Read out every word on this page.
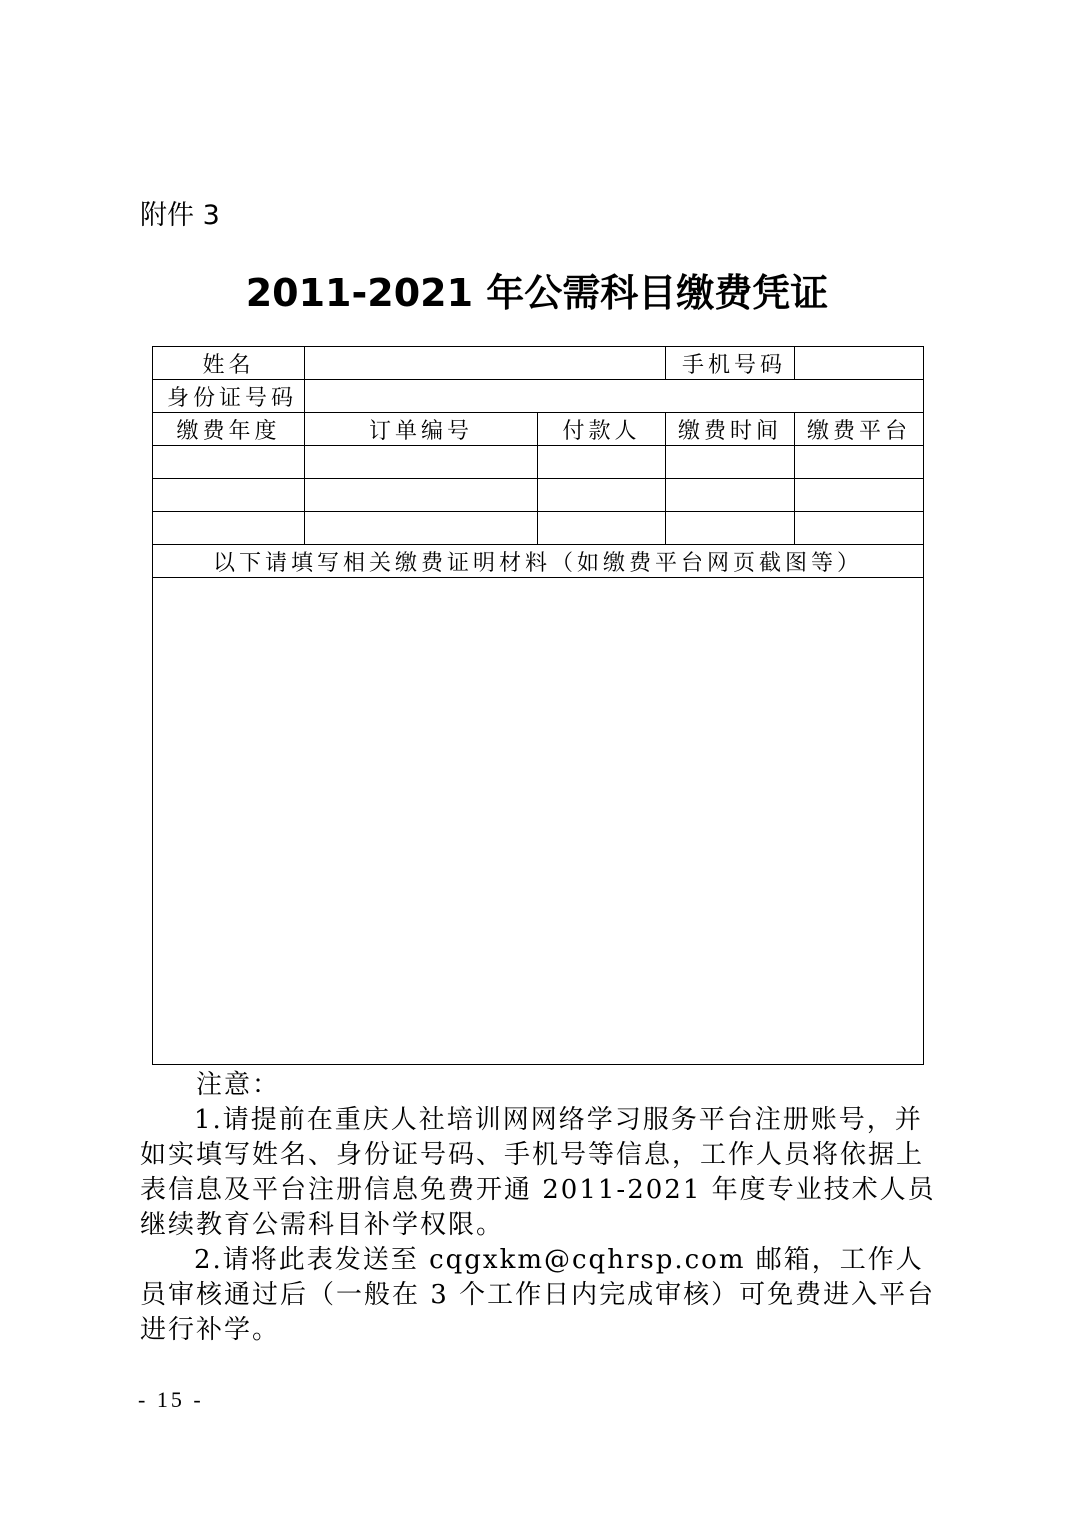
附件 3
2011-2021 年公需科目缴费凭证
姓名			手机号码	
身份证号码				
缴费年度	订单编号	付款人	缴费时间	缴费平台

以下请填写相关缴费证明材料（如缴费平台网页截图等）				

注意：

1.请提前在重庆人社培训网网络学习服务平台注册账号，并如实填写姓名、身份证号码、手机号等信息，工作人员将依据上表信息及平台注册信息免费开通 2011-2021 年度专业技术人员继续教育公需科目补学权限。

2.请将此表发送至 cqgxkm@cqhrsp.com 邮箱，工作人员审核通过后（一般在 3 个工作日内完成审核）可免费进入平台进行补学。

- 15 -
